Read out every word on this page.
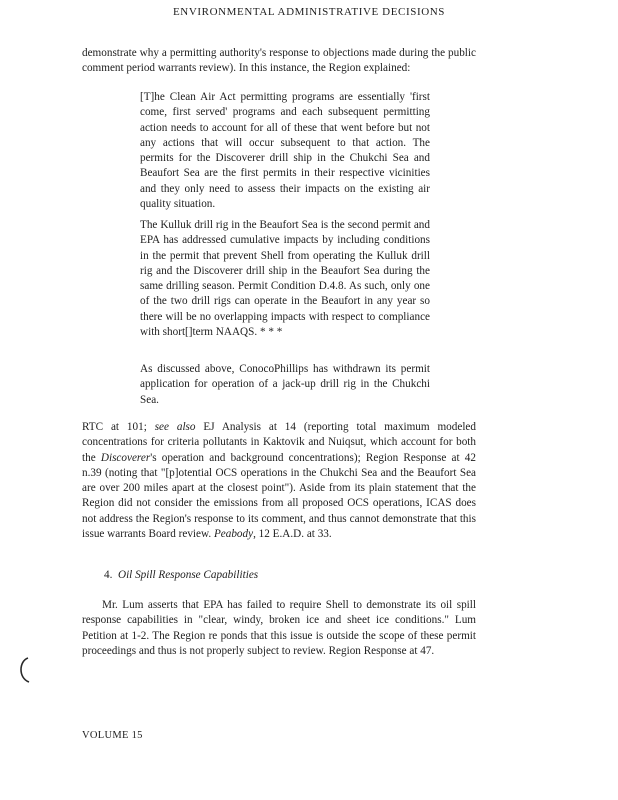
ENVIRONMENTAL ADMINISTRATIVE DECISIONS

demonstrate why a permitting authority's response to objections made during the public comment period warrants review). In this instance, the Region explained:

[T]he Clean Air Act permitting programs are essentially 'first come, first served' programs and each subsequent permitting action needs to account for all of these that went before but not any actions that will occur subsequent to that action. The permits for the Discoverer drill ship in the Chukchi Sea and Beaufort Sea are the first permits in their respective vicinities and they only need to assess their impacts on the existing air quality situation.

The Kulluk drill rig in the Beaufort Sea is the second permit and EPA has addressed cumulative impacts by including conditions in the permit that prevent Shell from operating the Kulluk drill rig and the Discoverer drill ship in the Beaufort Sea during the same drilling season. Permit Condition D.4.8. As such, only one of the two drill rigs can operate in the Beaufort in any year so there will be no overlapping impacts with respect to compliance with short[]term NAAQS. * * *

As discussed above, ConocoPhillips has withdrawn its permit application for operation of a jack-up drill rig in the Chukchi Sea.

RTC at 101; see also EJ Analysis at 14 (reporting total maximum modeled concentrations for criteria pollutants in Kaktovik and Nuiqsut, which account for both the Discoverer's operation and background concentrations); Region Response at 42 n.39 (noting that "[p]otential OCS operations in the Chukchi Sea and the Beaufort Sea are over 200 miles apart at the closest point"). Aside from its plain statement that the Region did not consider the emissions from all proposed OCS operations, ICAS does not address the Region's response to its comment, and thus cannot demonstrate that this issue warrants Board review. Peabody, 12 E.A.D. at 33.

4. Oil Spill Response Capabilities

Mr. Lum asserts that EPA has failed to require Shell to demonstrate its oil spill response capabilities in "clear, windy, broken ice and sheet ice conditions." Lum Petition at 1-2. The Region re ponds that this issue is outside the scope of these permit proceedings and thus is not properly subject to review. Region Response at 47.

VOLUME 15
